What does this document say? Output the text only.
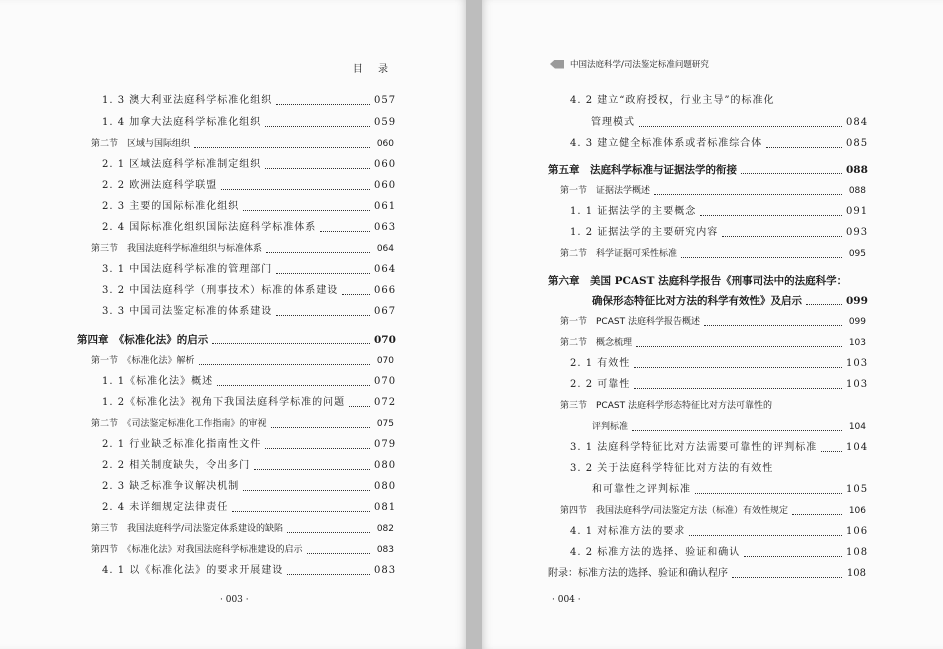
目 录
1. 3 澳大利亚法庭科学标准化组织	057
1. 4 加拿大法庭科学标准化组织	059
第二节　区域与国际组织	060
2. 1 区域法庭科学标准制定组织	060
2. 2 欧洲法庭科学联盟	060
2. 3 主要的国际标准化组织	061
2. 4 国际标准化组织国际法庭科学标准体系	063
第三节　我国法庭科学标准组织与标准体系	064
3. 1 中国法庭科学标准的管理部门	064
3. 2 中国法庭科学（刑事技术）标准的体系建设	066
3. 3 中国司法鉴定标准的体系建设	067
第四章　《标准化法》的启示	070
第一节　《标准化法》解析	070
1. 1《标准化法》概述	070
1. 2《标准化法》视角下我国法庭科学标准的问题	072
第二节　《司法鉴定标准化工作指南》的审视	075
2. 1 行业缺乏标准化指南性文件	079
2. 2 相关制度缺失，令出多门	080
2. 3 缺乏标准争议解决机制	080
2. 4 未详细规定法律责任	081
第三节　我国法庭科学/司法鉴定体系建设的缺陷	082
第四节　《标准化法》对我国法庭科学标准建设的启示	083
4. 1 以《标准化法》的要求开展建设	083
· 003 ·
中国法庭科学/司法鉴定标准问题研究
4. 2 建立“政府授权，行业主导”的标准化
管理模式	084
4. 3 建立健全标准体系或者标准综合体	085
第五章　法庭科学标准与证据法学的衔接	088
第一节　证据法学概述	088
1. 1 证据法学的主要概念	091
1. 2 证据法学的主要研究内容	093
第二节　科学证据可采性标准	095
第六章　美国 PCAST 法庭科学报告《刑事司法中的法庭科学：
确保形态特征比对方法的科学有效性》及启示	099
第一节　PCAST 法庭科学报告概述	099
第二节　概念梳理	103
2. 1 有效性	103
2. 2 可靠性	103
第三节　PCAST 法庭科学形态特征比对方法可靠性的
评判标准	104
3. 1 法庭科学特征比对方法需要可靠性的评判标准	104
3. 2 关于法庭科学特征比对方法的有效性
和可靠性之评判标准	105
第四节　我国法庭科学/司法鉴定方法（标准）有效性规定	106
4. 1 对标准方法的要求	106
4. 2 标准方法的选择、验证和确认	108
附录：标准方法的选择、验证和确认程序	108
· 004 ·
